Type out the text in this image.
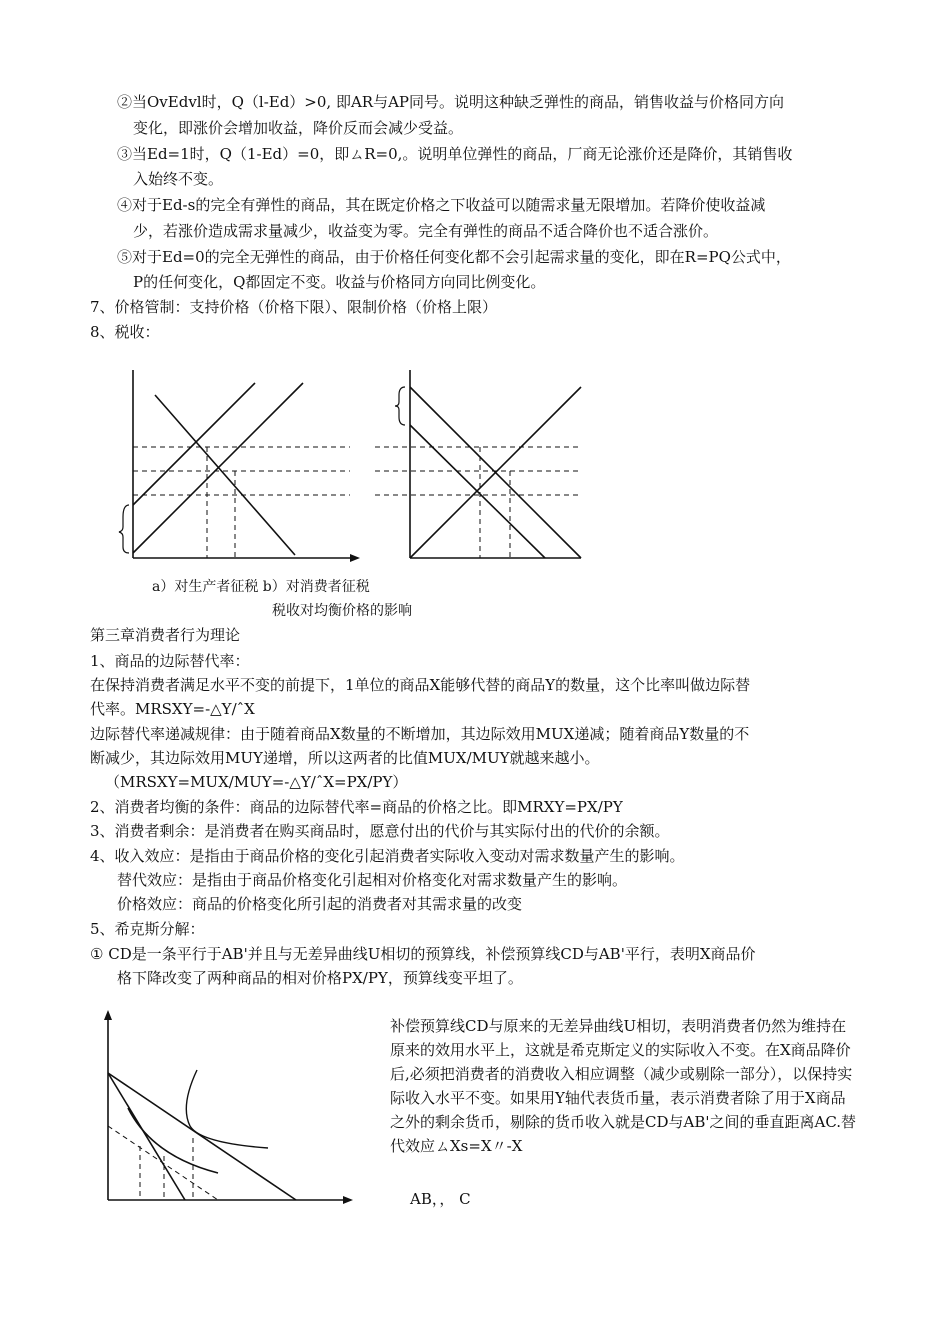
②当OvEdvl时，Q（l-Ed）>0, 即AR与AP同号。说明这种缺乏弹性的商品，销售收益与价格同方向
变化，即涨价会增加收益，降价反而会减少受益。
③当Ed=1时，Q（1-Ed）=0，即ㄙR=0,。说明单位弹性的商品，厂商无论涨价还是降价，其销售收
入始终不变。
④对于Ed-s的完全有弹性的商品，其在既定价格之下收益可以随需求量无限增加。若降价使收益减
少，若涨价造成需求量减少，收益变为零。完全有弹性的商品不适合降价也不适合涨价。
⑤对于Ed=0的完全无弹性的商品，由于价格任何变化都不会引起需求量的变化，即在R=PQ公式中，
P的任何变化，Q都固定不变。收益与价格同方向同比例变化。
7、价格管制：支持价格（价格下限）、限制价格（价格上限）
8、税收：
a）对生产者征税 b）对消费者征税
税收对均衡价格的影响
第三章消费者行为理论
1、商品的边际替代率：
在保持消费者满足水平不变的前提下，1单位的商品X能够代替的商品Y的数量，这个比率叫做边际替
代率。MRSXY=-△Y/ˆX
边际替代率递减规律：由于随着商品X数量的不断增加，其边际效用MUX递减；随着商品Y数量的不
断减少，其边际效用MUY递增，所以这两者的比值MUX/MUY就越来越小。
（MRSXY=MUX/MUY=-△Y/ˆX=PX/PY）
2、消费者均衡的条件：商品的边际替代率=商品的价格之比。即MRXY=PX/PY
3、消费者剩余：是消费者在购买商品时，愿意付出的代价与其实际付出的代价的余额。
4、收入效应：是指由于商品价格的变化引起消费者实际收入变动对需求数量产生的影响。
替代效应：是指由于商品价格变化引起相对价格变化对需求数量产生的影响。
价格效应：商品的价格变化所引起的消费者对其需求量的改变
5、希克斯分解：
① CD是一条平行于AB'并且与无差异曲线U相切的预算线，补偿预算线CD与AB'平行，表明X商品价
格下降改变了两种商品的相对价格PX/PY，预算线变平坦了。
补偿预算线CD与原来的无差异曲线U相切，表明消费者仍然为维持在原来的效用水平上，这就是希克斯定义的实际收入不变。在X商品降价后,必须把消费者的消费收入相应调整（减少或剔除一部分），以保持实际收入水平不变。如果用Y轴代表货币量，表示消费者除了用于X商品之外的剩余货币，剔除的货币收入就是CD与AB'之间的垂直距离AC.替代效应ㄙXs=X〃-X
AB，， C
